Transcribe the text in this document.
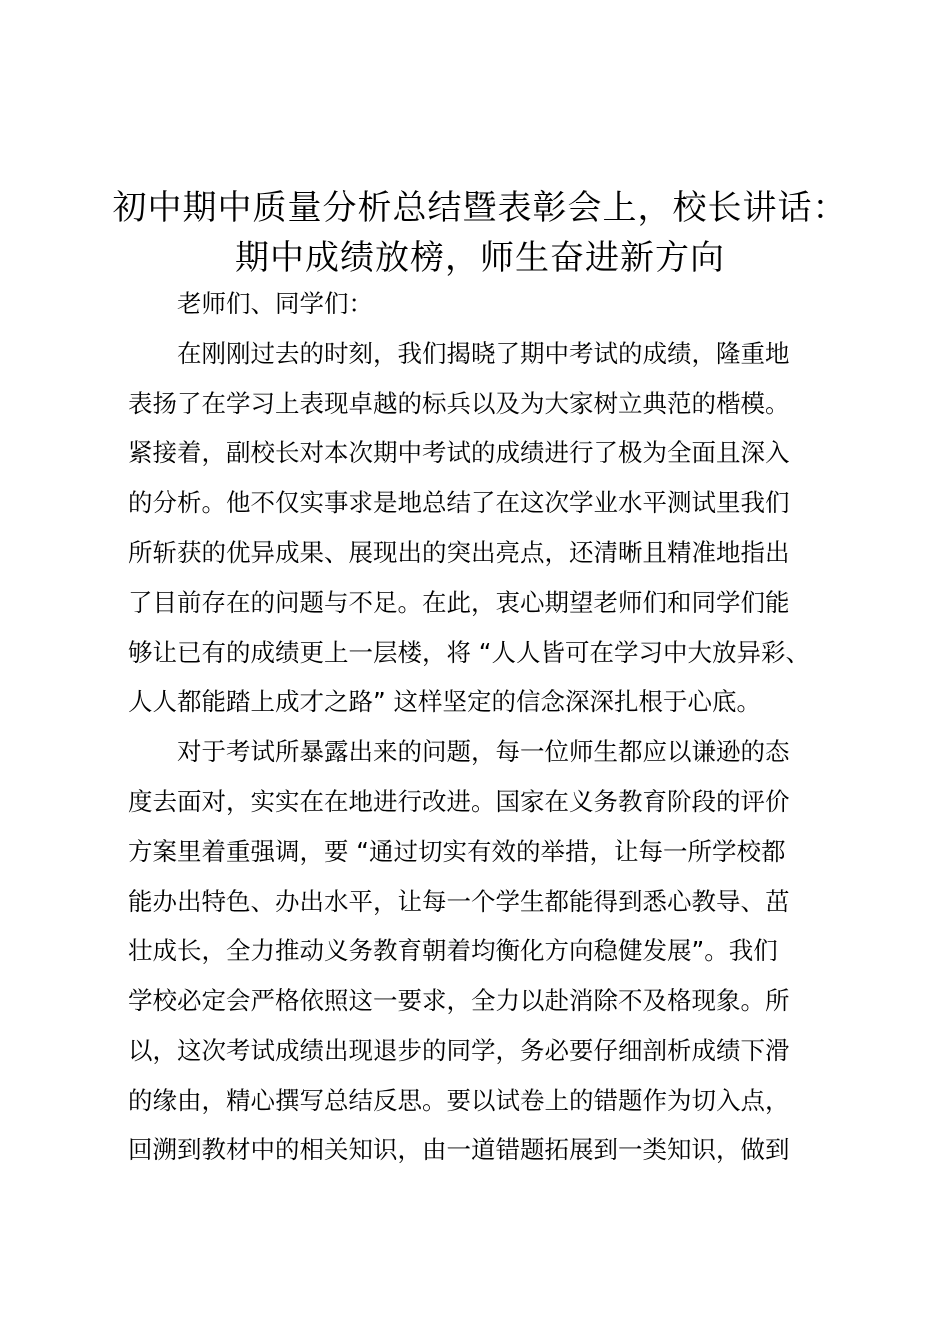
初中期中质量分析总结暨表彰会上，校长讲话：
期中成绩放榜，师生奋进新方向
老师们、同学们：
在刚刚过去的时刻，我们揭晓了期中考试的成绩，隆重地
表扬了在学习上表现卓越的标兵以及为大家树立典范的楷模。
紧接着，副校长对本次期中考试的成绩进行了极为全面且深入
的分析。他不仅实事求是地总结了在这次学业水平测试里我们
所斩获的优异成果、展现出的突出亮点，还清晰且精准地指出
了目前存在的问题与不足。在此，衷心期望老师们和同学们能
够让已有的成绩更上一层楼，将 “人人皆可在学习中大放异彩、
人人都能踏上成才之路” 这样坚定的信念深深扎根于心底。
对于考试所暴露出来的问题，每一位师生都应以谦逊的态
度去面对，实实在在地进行改进。国家在义务教育阶段的评价
方案里着重强调，要 “通过切实有效的举措，让每一所学校都
能办出特色、办出水平，让每一个学生都能得到悉心教导、茁
壮成长，全力推动义务教育朝着均衡化方向稳健发展”。我们
学校必定会严格依照这一要求，全力以赴消除不及格现象。所
以，这次考试成绩出现退步的同学，务必要仔细剖析成绩下滑
的缘由，精心撰写总结反思。要以试卷上的错题作为切入点，
回溯到教材中的相关知识，由一道错题拓展到一类知识，做到
